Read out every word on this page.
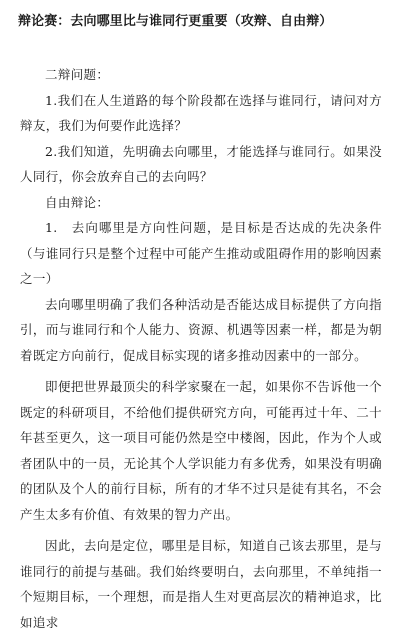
辩论赛：去向哪里比与谁同行更重要（攻辩、自由辩）

二辩问题：

1.我们在人生道路的每个阶段都在选择与谁同行，请问对方辩友，我们为何要作此选择？

2.我们知道，先明确去向哪里，才能选择与谁同行。如果没人同行，你会放弃自己的去向吗？

自由辩论：

1.　去向哪里是方向性问题，是目标是否达成的先决条件（与谁同行只是整个过程中可能产生推动或阻碍作用的影响因素之一）

去向哪里明确了我们各种活动是否能达成目标提供了方向指引，而与谁同行和个人能力、资源、机遇等因素一样，都是为朝着既定方向前行，促成目标实现的诸多推动因素中的一部分。

即便把世界最顶尖的科学家聚在一起，如果你不告诉他一个既定的科研项目，不给他们提供研究方向，可能再过十年、二十年甚至更久，这一项目可能仍然是空中楼阁，因此，作为个人或者团队中的一员，无论其个人学识能力有多优秀，如果没有明确的团队及个人的前行目标，所有的才华不过只是徒有其名，不会产生太多有价值、有效果的智力产出。

因此，去向是定位，哪里是目标，知道自己该去那里，是与谁同行的前提与基础。我们始终要明白，去向那里，不单纯指一个短期目标，一个理想，而是指人生对更高层次的精神追求，比如追求
